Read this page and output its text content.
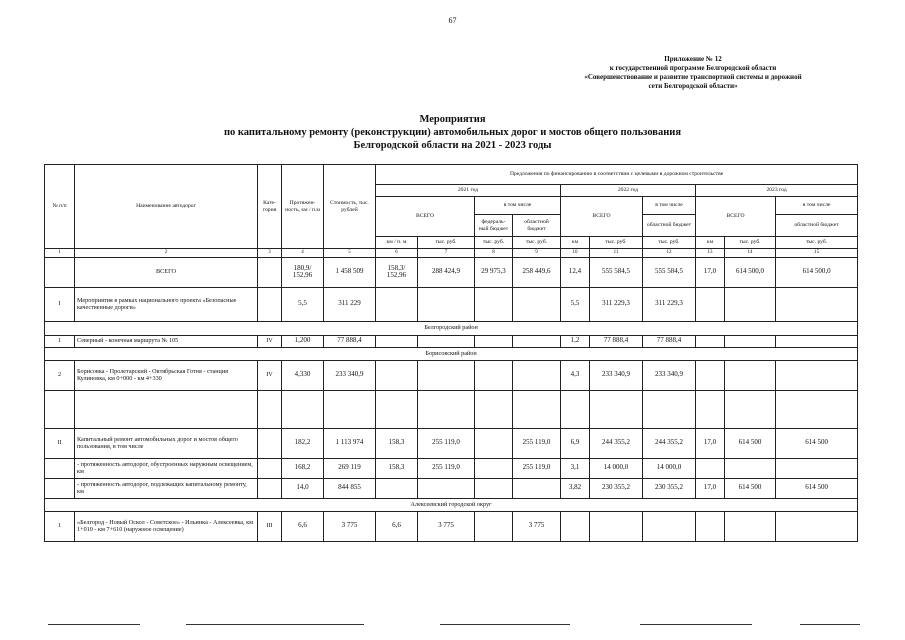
67
Приложение № 12
к государственной программе Белгородской области
«Совершенствование и развитие транспортной системы и дорожной
сети Белгородской области»
Мероприятия
по капитальному ремонту (реконструкции) автомобильных дорог и мостов общего пользования
Белгородской области на 2021 - 2023 годы
№ п/п	Наименование автодорог	Кате-гория	Протяжен-ность, км / п.м	Стоимость, тыс. рублей	Предложения по финансированию в соответствии с целевыми в дорожном строительстве									
					2021 год				2022 год			2023 год		
					ВСЕГО		в том числе		ВСЕГО		в том числе	ВСЕГО		в том числе
							федераль-ный бюджет	областной бюджет			областной бюджет			областной бюджет
					км / п. м	тыс. руб.	тыс. руб.	тыс. руб.	км	тыс. руб.	тыс. руб.	км	тыс. руб.	тыс. руб.
1	2	3	4	5	6	7	8	9	10	11	12	13	14	15
	ВСЕГО		180,9/ 152,96	1 458 509	158,3/ 152,96	288 424,9	29 975,3	258 449,6	12,4	555 584,5	555 584,5	17,0	614 500,0	614 500,0
I	Мероприятия в рамках национального проекта «Безопасные качественные дороги»		5,5	311 229					5,5	311 229,3	311 229,3			
Белгородский район														
1	Северный - конечная маршрута № 105	IV	1,200	77 888,4					1,2	77 888,4	77 888,4			
Борисовский район														
2	Борисовка - Пролетарский - Октябрьская Готня - станция Кулиновка, км 0+000 - км 4+330	IV	4,330	233 340,9					4,3	233 340,9	233 340,9			

II	Капитальный ремонт автомобильных дорог и мостов общего пользования, в том числе		182,2	1 113 974	158,3	255 119,0		255 119,0	6,9	244 355,2	244 355,2	17,0	614 500	614 500
	- протяженность автодорог, обустроенных наружным освещением, км		168,2	269 119	158,3	255 119,0		255 119,0	3,1	14 000,0	14 000,0			
	- протяженность автодорог, подлежащих капитальному ремонту, км		14,0	844 855					3,82	230 355,2	230 355,2	17,0	614 500	614 500
Алексеевский городской округ														
1	«Белгород - Новый Оскол - Советское» - Ильинка - Алексеевка, км 1+010 - км 7+610 (наружное освещение)	III	6,6	3 775	6,6	3 775		3 775						
